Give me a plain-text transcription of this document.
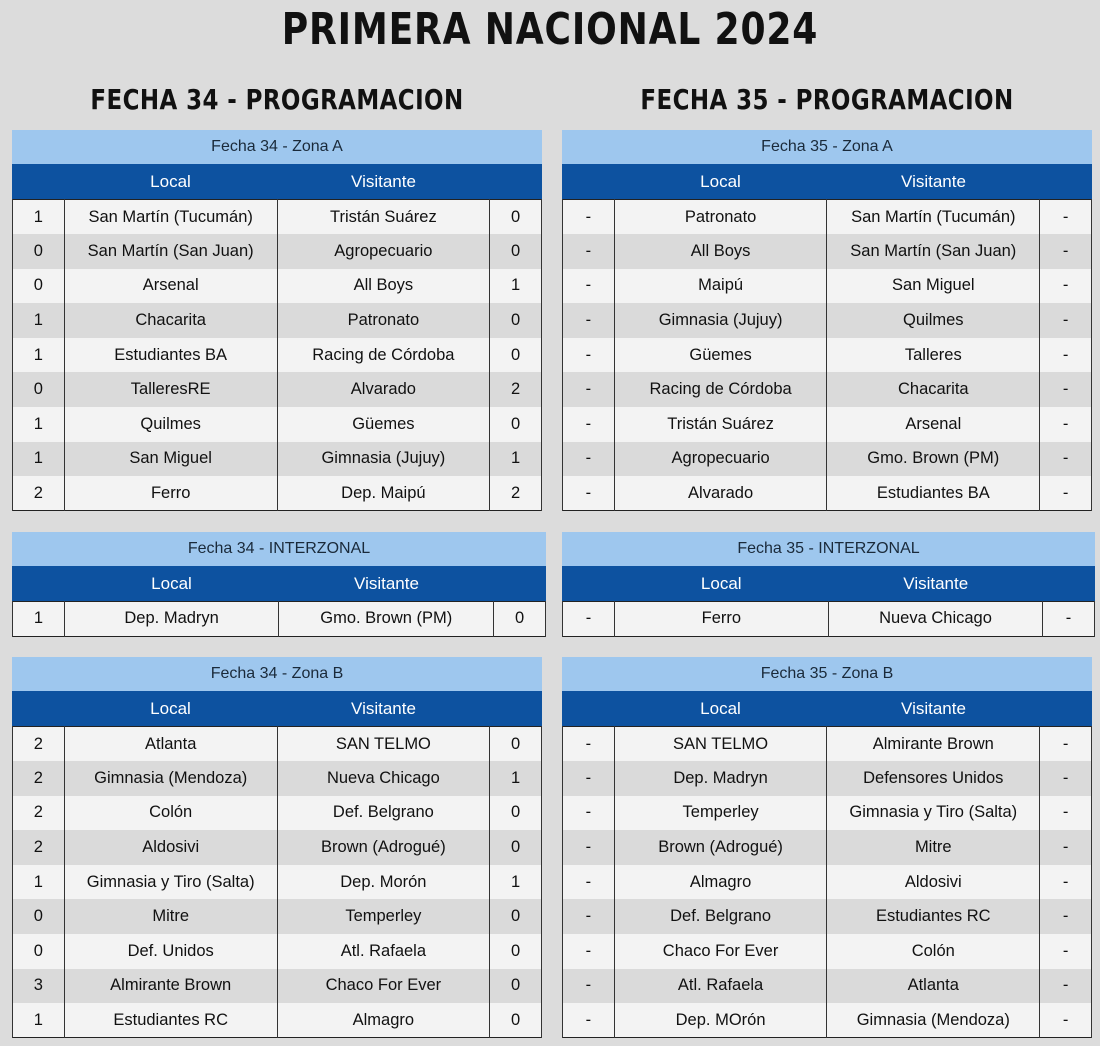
PRIMERA NACIONAL 2024
FECHA 34 - PROGRAMACION	FECHA 35 - PROGRAMACION
Fecha 34 - Zona A
Local	Visitante
1	San Martín (Tucumán)	Tristán Suárez	0
0	San Martín (San Juan)	Agropecuario	0
0	Arsenal	All Boys	1
1	Chacarita	Patronato	0
1	Estudiantes BA	Racing de Córdoba	0
0	TalleresRE	Alvarado	2
1	Quilmes	Güemes	0
1	San Miguel	Gimnasia (Jujuy)	1
2	Ferro	Dep. Maipú	2
Fecha 35 - Zona A
Local	Visitante
-	Patronato	San Martín (Tucumán)	-
-	All Boys	San Martín (San Juan)	-
-	Maipú	San Miguel	-
-	Gimnasia (Jujuy)	Quilmes	-
-	Güemes	Talleres	-
-	Racing de Córdoba	Chacarita	-
-	Tristán Suárez	Arsenal	-
-	Agropecuario	Gmo. Brown (PM)	-
-	Alvarado	Estudiantes BA	-
Fecha 34 - INTERZONAL
Local	Visitante
1	Dep. Madryn	Gmo. Brown (PM)	0
Fecha 35 - INTERZONAL
Local	Visitante
-	Ferro	Nueva Chicago	-
Fecha 34 - Zona B
Local	Visitante
2	Atlanta	SAN TELMO	0
2	Gimnasia (Mendoza)	Nueva Chicago	1
2	Colón	Def. Belgrano	0
2	Aldosivi	Brown (Adrogué)	0
1	Gimnasia y Tiro (Salta)	Dep. Morón	1
0	Mitre	Temperley	0
0	Def. Unidos	Atl. Rafaela	0
3	Almirante Brown	Chaco For Ever	0
1	Estudiantes RC	Almagro	0
Fecha 35 - Zona B
Local	Visitante
-	SAN TELMO	Almirante Brown	-
-	Dep. Madryn	Defensores Unidos	-
-	Temperley	Gimnasia y Tiro (Salta)	-
-	Brown (Adrogué)	Mitre	-
-	Almagro	Aldosivi	-
-	Def. Belgrano	Estudiantes RC	-
-	Chaco For Ever	Colón	-
-	Atl. Rafaela	Atlanta	-
-	Dep. MOrón	Gimnasia (Mendoza)	-
